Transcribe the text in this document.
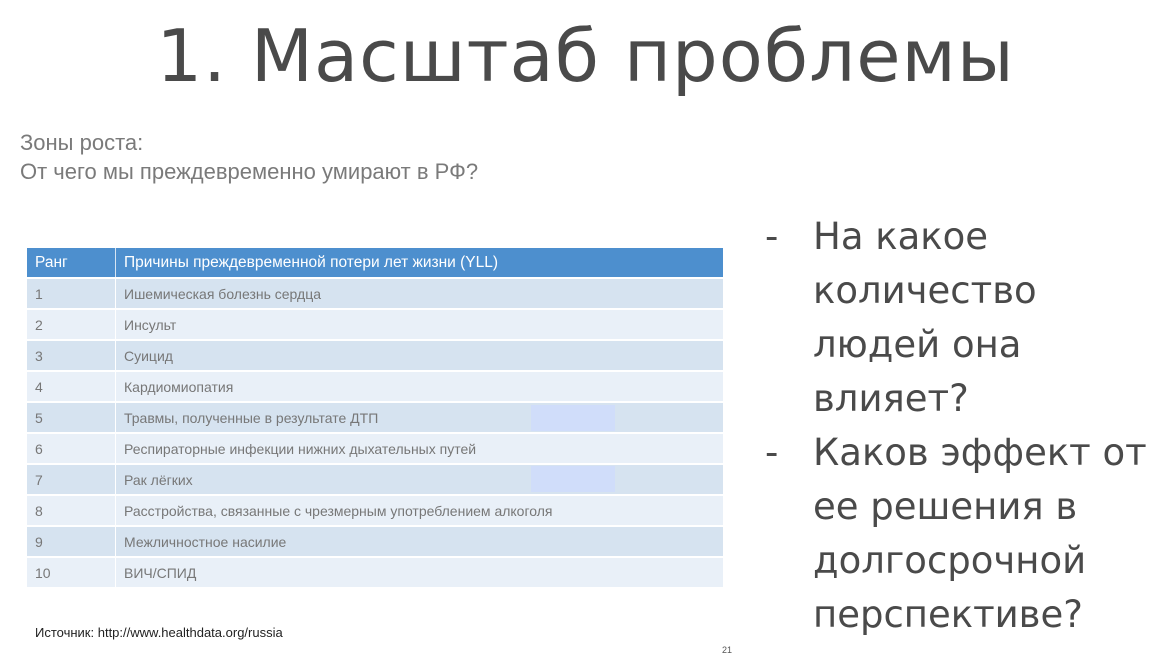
1. Масштаб проблемы
Зоны роста:
От чего мы преждевременно умирают в РФ?
Ранг	Причины преждевременной потери лет жизни (YLL)
1	Ишемическая болезнь сердца
2	Инсульт
3	Суицид
4	Кардиомиопатия
5	Травмы, полученные в результате ДТП
6	Респираторные инфекции нижних дыхательных путей
7	Рак лёгких
8	Расстройства, связанные с чрезмерным употреблением алкоголя
9	Межличностное насилие
10	ВИЧ/СПИД
Источник: http://www.healthdata.org/russia
21
- На какое количество людей она влияет?
- Каков эффект от ее решения в долгосрочной перспективе?
